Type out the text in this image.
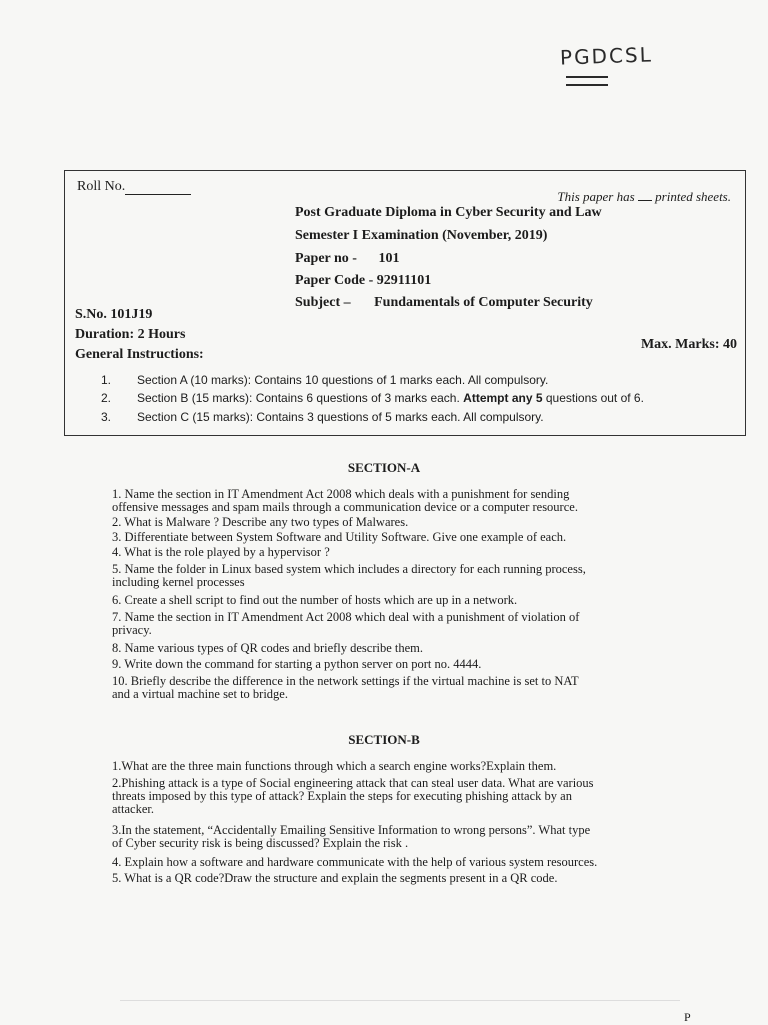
PGDCSL
Roll No.
This paper has printed sheets.
Post Graduate Diploma in Cyber Security and Law
Semester I Examination (November, 2019)
Paper no - 101
Paper Code - 92911101
Subject – Fundamentals of Computer Security
S.No. 101J19
Duration: 2 Hours
General Instructions:
Max. Marks: 40
1. Section A (10 marks): Contains 10 questions of 1 marks each. All compulsory.
2. Section B (15 marks): Contains 6 questions of 3 marks each. Attempt any 5 questions out of 6.
3. Section C (15 marks): Contains 3 questions of 5 marks each. All compulsory.
SECTION-A
1. Name the section in IT Amendment Act 2008 which deals with a punishment for sending
offensive messages and spam mails through a communication device or a computer resource.
2. What is Malware ? Describe any two types of Malwares.
3. Differentiate between System Software and Utility Software. Give one example of each.
4. What is the role played by a hypervisor ?
5. Name the folder in Linux based system which includes a directory for each running process,
including kernel processes
6. Create a shell script to find out the number of hosts which are up in a network.
7. Name the section in IT Amendment Act 2008 which deal with a punishment of violation of
privacy.
8. Name various types of QR codes and briefly describe them.
9. Write down the command for starting a python server on port no. 4444.
10. Briefly describe the difference in the network settings if the virtual machine is set to NAT
and a virtual machine set to bridge.
SECTION-B
1.What are the three main functions through which a search engine works?Explain them.
2.Phishing attack is a type of Social engineering attack that can steal user data. What are various
threats imposed by this type of attack? Explain the steps for executing phishing attack by an
attacker.
3.In the statement, “Accidentally Emailing Sensitive Information to wrong persons”. What type
of Cyber security risk is being discussed? Explain the risk .
4. Explain how a software and hardware communicate with the help of various system resources.
5. What is a QR code?Draw the structure and explain the segments present in a QR code.
P
